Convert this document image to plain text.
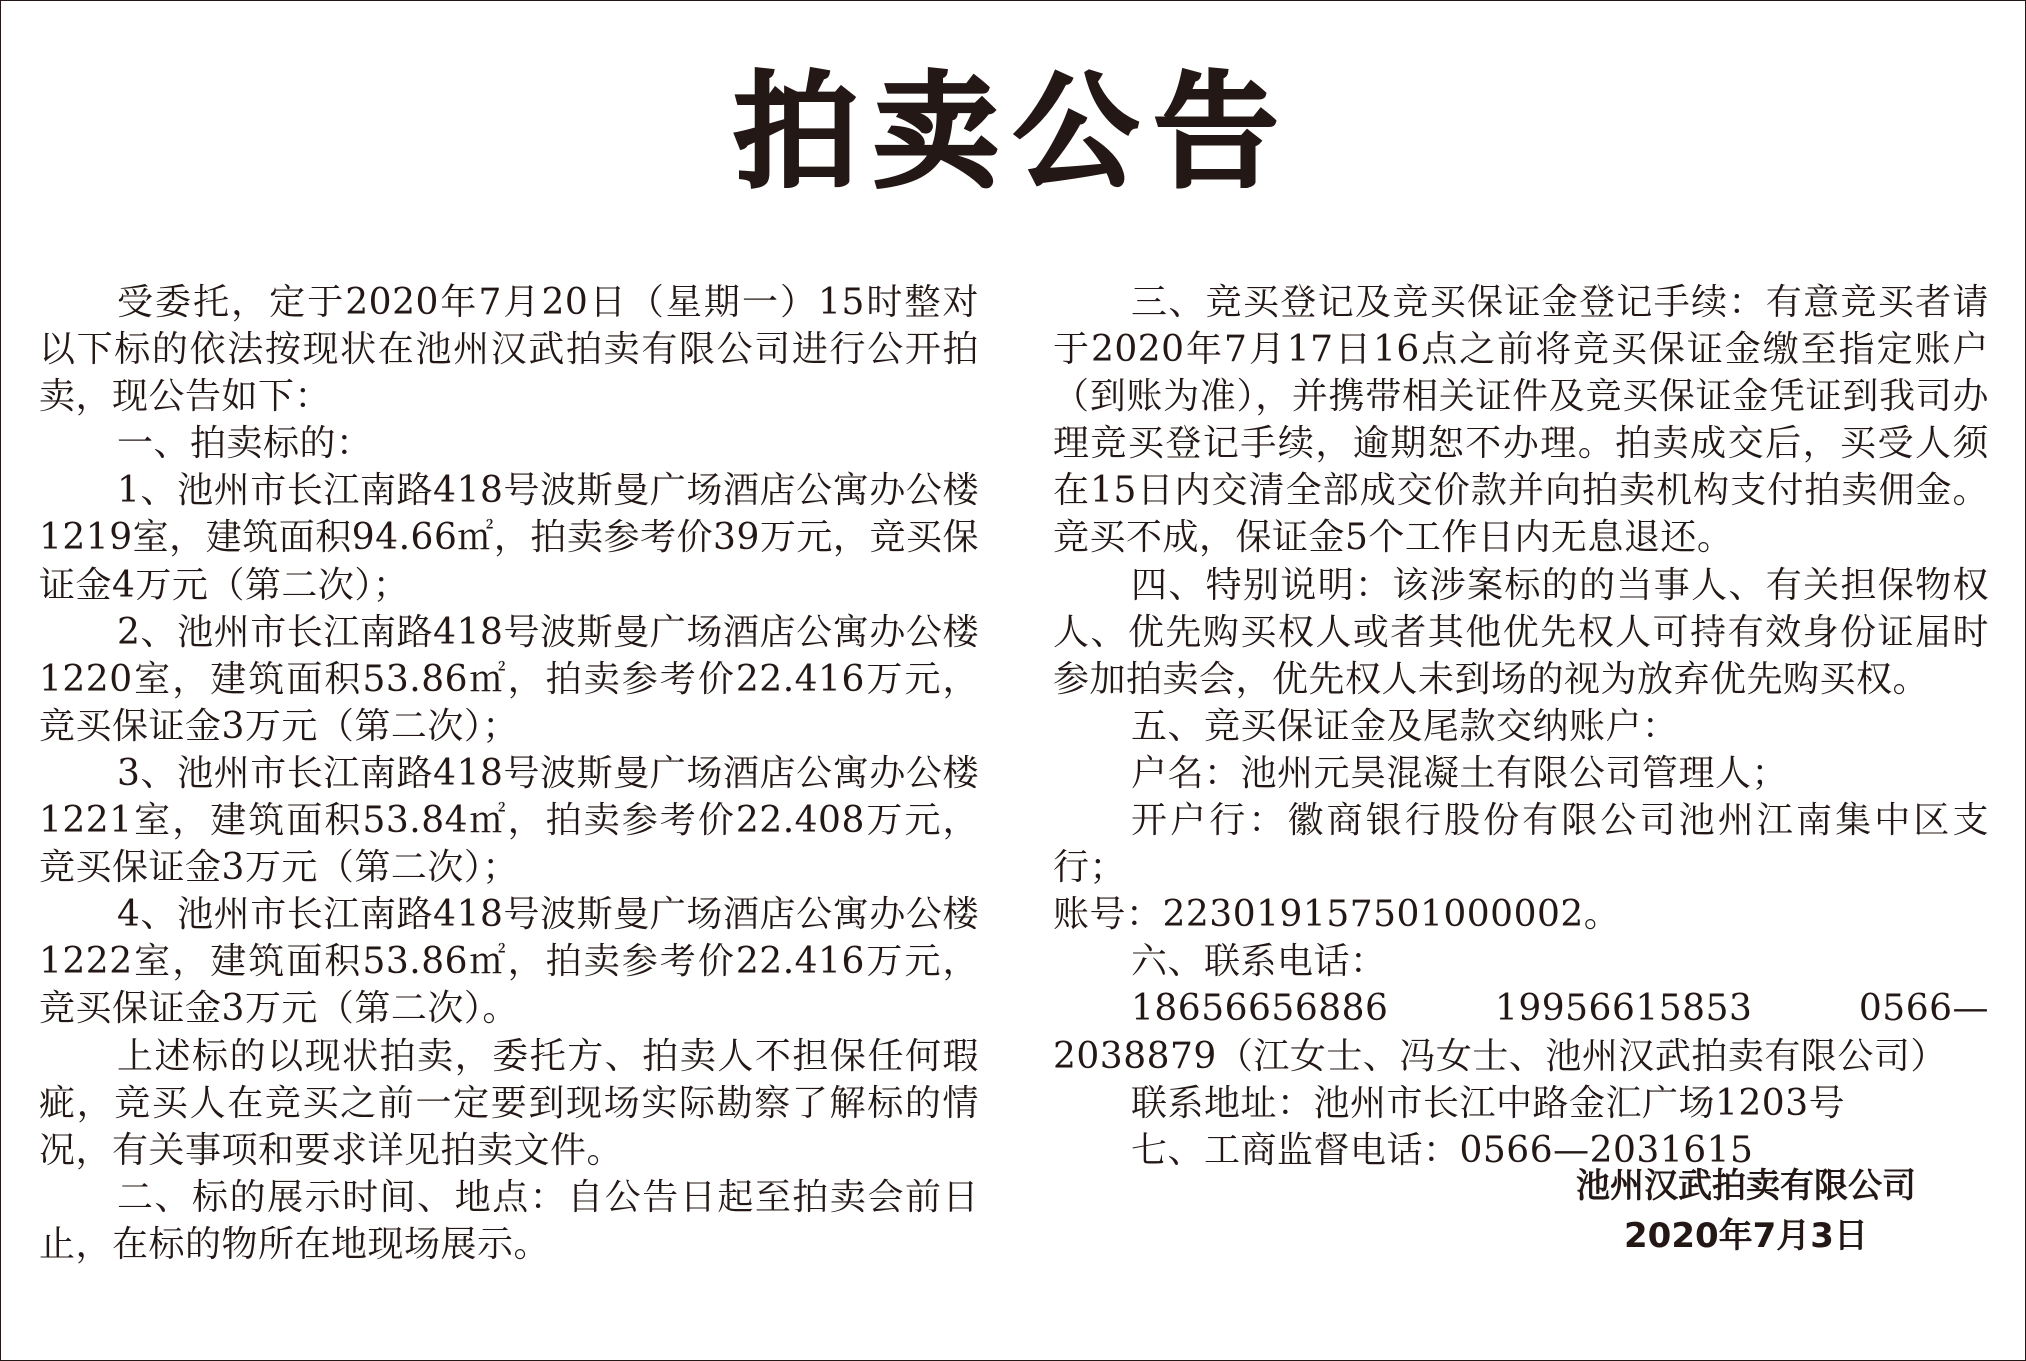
拍卖公告

受委托，定于2020年7月20日（星期一）15时整对以下标的依法按现状在池州汉武拍卖有限公司进行公开拍卖，现公告如下：

一、拍卖标的：

1、池州市长江南路418号波斯曼广场酒店公寓办公楼1219室，建筑面积94.66㎡，拍卖参考价39万元，竞买保证金4万元（第二次）；

2、池州市长江南路418号波斯曼广场酒店公寓办公楼1220室，建筑面积53.86㎡，拍卖参考价22.416万元，竞买保证金3万元（第二次）；

3、池州市长江南路418号波斯曼广场酒店公寓办公楼1221室，建筑面积53.84㎡，拍卖参考价22.408万元，竞买保证金3万元（第二次）；

4、池州市长江南路418号波斯曼广场酒店公寓办公楼1222室，建筑面积53.86㎡，拍卖参考价22.416万元，竞买保证金3万元（第二次）。

上述标的以现状拍卖，委托方、拍卖人不担保任何瑕疵，竞买人在竞买之前一定要到现场实际勘察了解标的情况，有关事项和要求详见拍卖文件。

二、标的展示时间、地点：自公告日起至拍卖会前日止，在标的物所在地现场展示。

三、竞买登记及竞买保证金登记手续：有意竞买者请于2020年7月17日16点之前将竞买保证金缴至指定账户（到账为准），并携带相关证件及竞买保证金凭证到我司办理竞买登记手续，逾期恕不办理。拍卖成交后，买受人须在15日内交清全部成交价款并向拍卖机构支付拍卖佣金。竞买不成，保证金5个工作日内无息退还。

四、特别说明：该涉案标的的当事人、有关担保物权人、优先购买权人或者其他优先权人可持有效身份证届时参加拍卖会，优先权人未到场的视为放弃优先购买权。

五、竞买保证金及尾款交纳账户：

户名：池州元昊混凝土有限公司管理人；

开户行：徽商银行股份有限公司池州江南集中区支行；

账号：223019157501000002。

六、联系电话：

18656656886　19956615853　0566—2038879（江女士、冯女士、池州汉武拍卖有限公司）

联系地址：池州市长江中路金汇广场1203号

七、工商监督电话：0566—2031615

池州汉武拍卖有限公司
2020年7月3日
